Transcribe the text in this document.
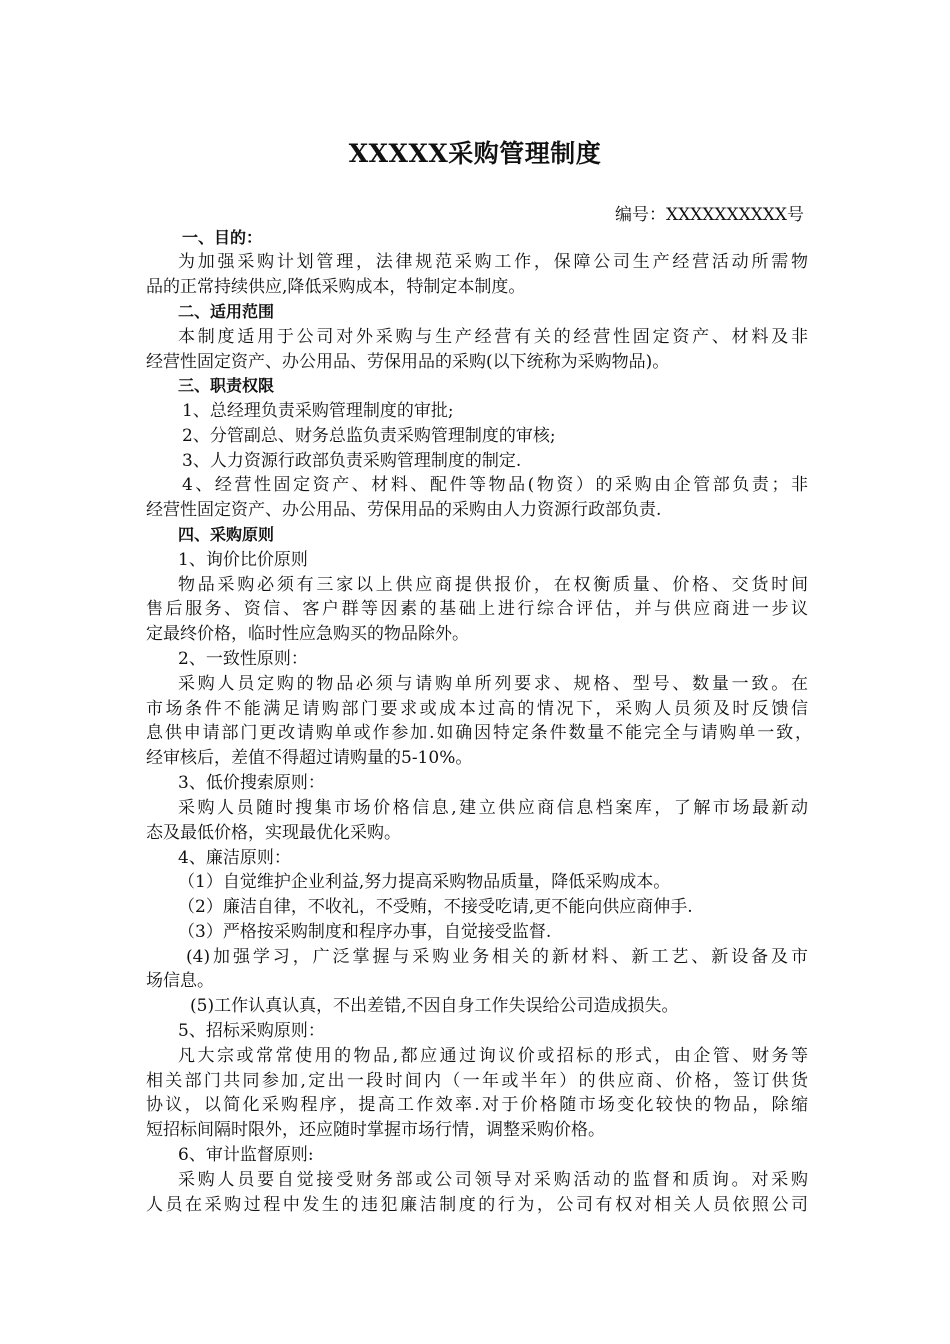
XXXXX采购管理制度
编号：XXXXXXXXXX号
一、目的：
为加强采购计划管理，法律规范采购工作，保障公司生产经营活动所需物
品的正常持续供应,降低采购成本，特制定本制度。
二、适用范围
本制度适用于公司对外采购与生产经营有关的经营性固定资产、材料及非
经营性固定资产、办公用品、劳保用品的采购(以下统称为采购物品)。
三、职责权限
1、总经理负责采购管理制度的审批;
2、分管副总、财务总监负责采购管理制度的审核;
3、人力资源行政部负责采购管理制度的制定.
4、经营性固定资产、材料、配件等物品(物资）的采购由企管部负责；非
经营性固定资产、办公用品、劳保用品的采购由人力资源行政部负责.
四、采购原则
1、询价比价原则
物品采购必须有三家以上供应商提供报价，在权衡质量、价格、交货时间
售后服务、资信、客户群等因素的基础上进行综合评估，并与供应商进一步议
定最终价格，临时性应急购买的物品除外。
2、一致性原则：
采购人员定购的物品必须与请购单所列要求、规格、型号、数量一致。在
市场条件不能满足请购部门要求或成本过高的情况下，采购人员须及时反馈信
息供申请部门更改请购单或作参加.如确因特定条件数量不能完全与请购单一致，
经审核后，差值不得超过请购量的5-10%。
3、低价搜索原则：
采购人员随时搜集市场价格信息,建立供应商信息档案库，了解市场最新动
态及最低价格，实现最优化采购。
4、廉洁原则：
（1）自觉维护企业利益,努力提高采购物品质量，降低采购成本。
（2）廉洁自律，不收礼，不受贿，不接受吃请,更不能向供应商伸手.
（3）严格按采购制度和程序办事，自觉接受监督.
(4)加强学习，广泛掌握与采购业务相关的新材料、新工艺、新设备及市
场信息。
(5)工作认真认真，不出差错,不因自身工作失误给公司造成损失。
5、招标采购原则：
凡大宗或常常使用的物品,都应通过询议价或招标的形式，由企管、财务等
相关部门共同参加,定出一段时间内（一年或半年）的供应商、价格，签订供货
协议，以简化采购程序，提高工作效率.对于价格随市场变化较快的物品，除缩
短招标间隔时限外，还应随时掌握市场行情，调整采购价格。
6、审计监督原则:
采购人员要自觉接受财务部或公司领导对采购活动的监督和质询。对采购
人员在采购过程中发生的违犯廉洁制度的行为，公司有权对相关人员依照公司
